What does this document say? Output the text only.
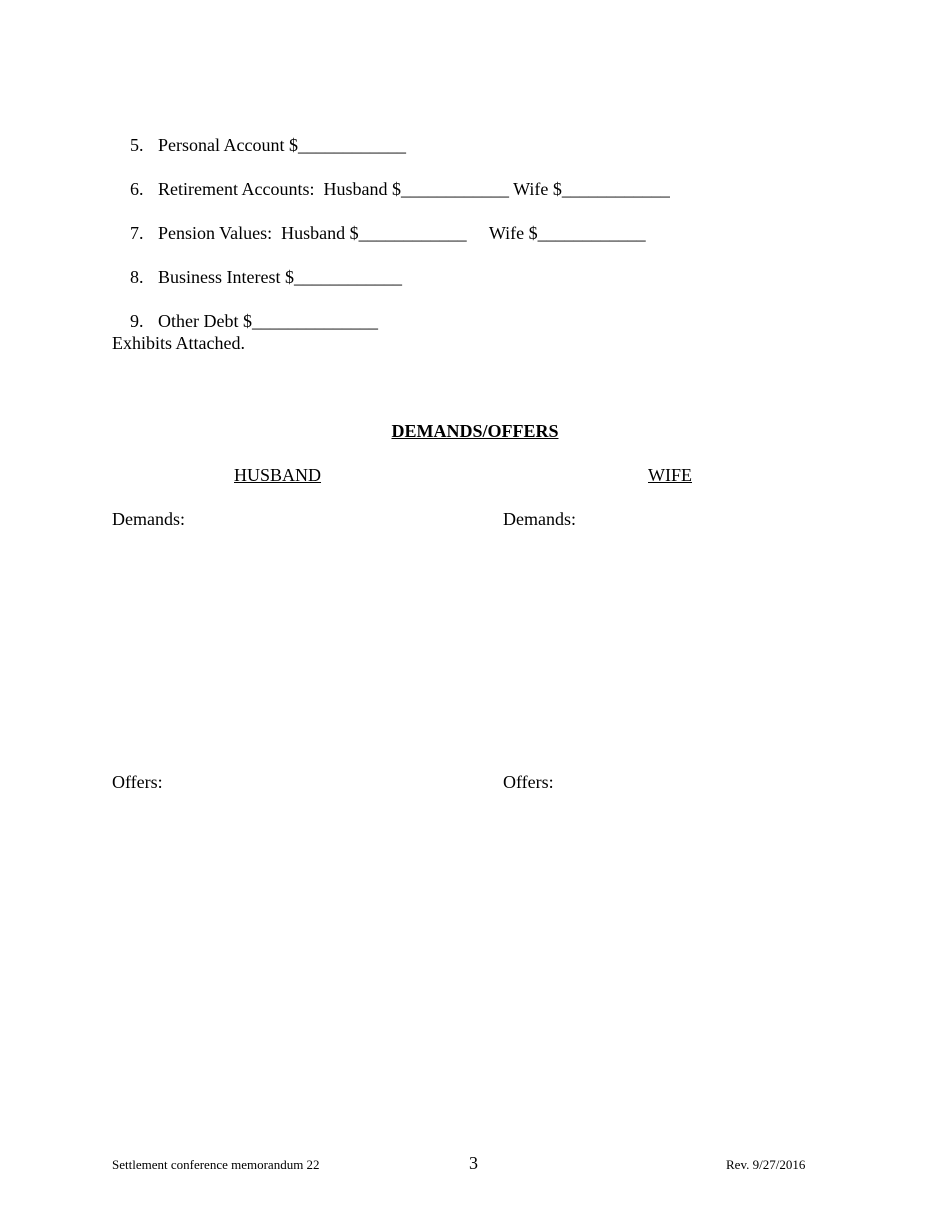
5. Personal Account $____________

6. Retirement Accounts:  Husband $____________ Wife $____________

7. Pension Values:  Husband $____________     Wife $____________

8. Business Interest $____________

9. Other Debt $______________

Exhibits Attached.
DEMANDS/OFFERS
HUSBAND	WIFE
Demands:	Demands:
Offers:	Offers:
Settlement conference memorandum 22	3	Rev. 9/27/2016
